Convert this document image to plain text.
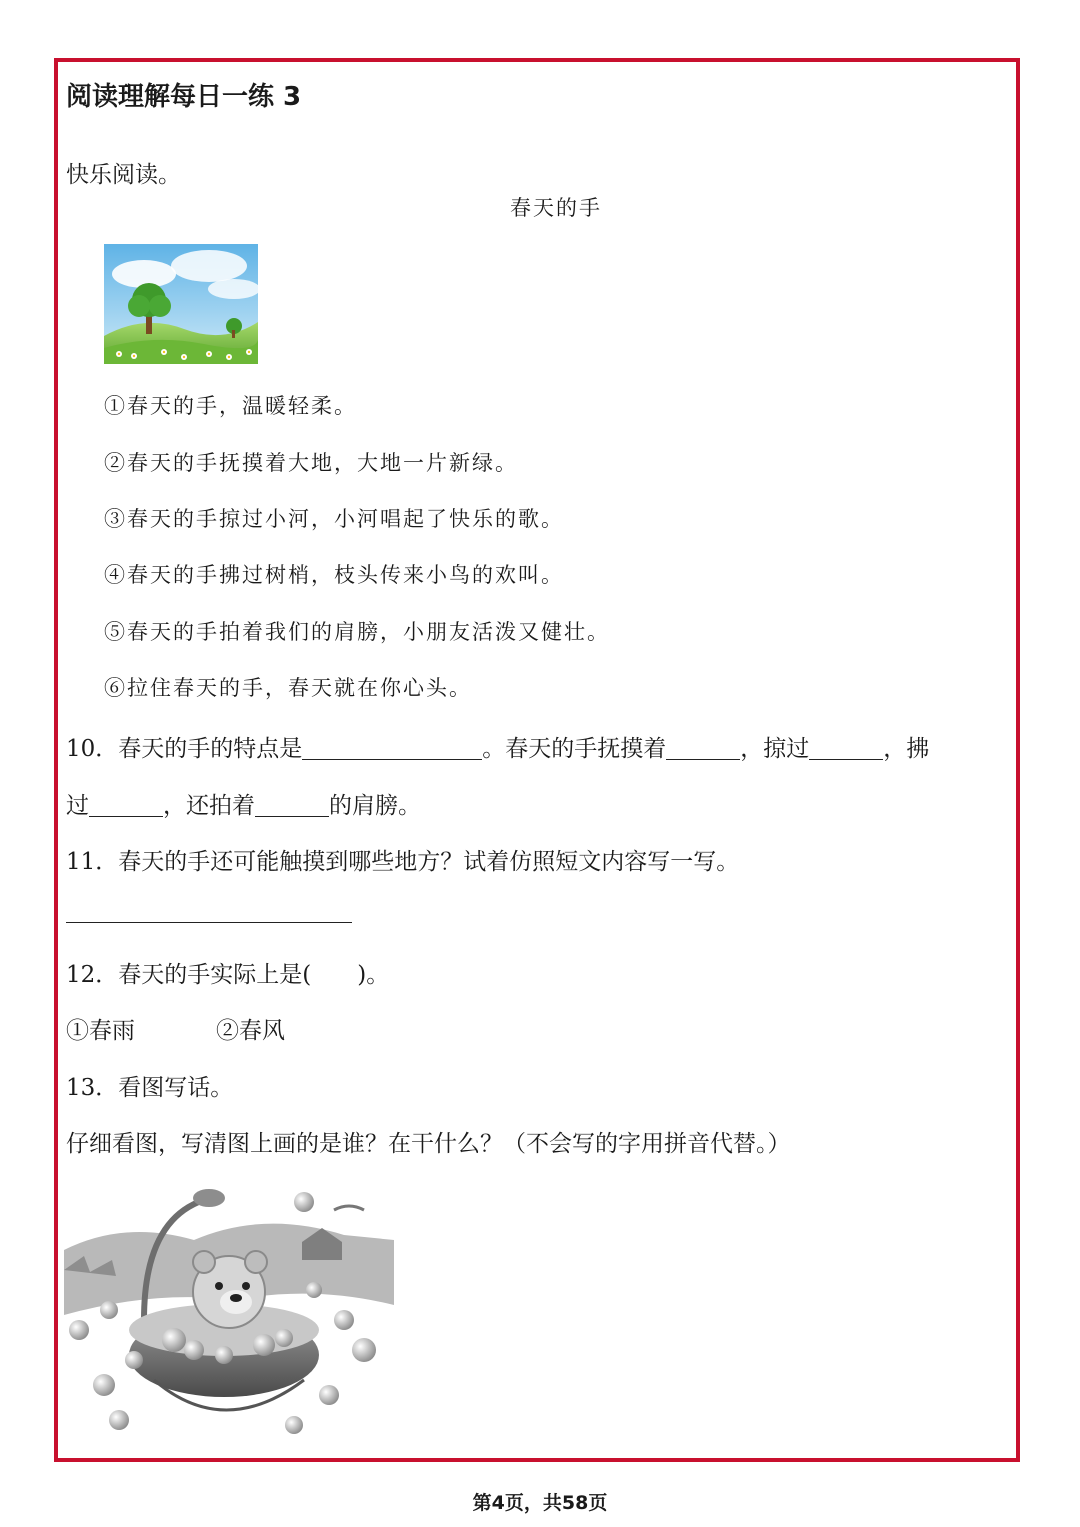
阅读理解每日一练 3
快乐阅读。
春天的手
①春天的手，温暖轻柔。
②春天的手抚摸着大地，大地一片新绿。
③春天的手掠过小河，小河唱起了快乐的歌。
④春天的手拂过树梢，枝头传来小鸟的欢叫。
⑤春天的手拍着我们的肩膀，小朋友活泼又健壮。
⑥拉住春天的手，春天就在你心头。
10．春天的手的特点是	。春天的手抚摸着	，掠过	，拂
过	，还拍着	的肩膀。
11．春天的手还可能触摸到哪些地方？试着仿照短文内容写一写。
12．春天的手实际上是(　　)。
①春雨	②春风
13．看图写话。
仔细看图，写清图上画的是谁？在干什么？（不会写的字用拼音代替。）
第4页，共58页
